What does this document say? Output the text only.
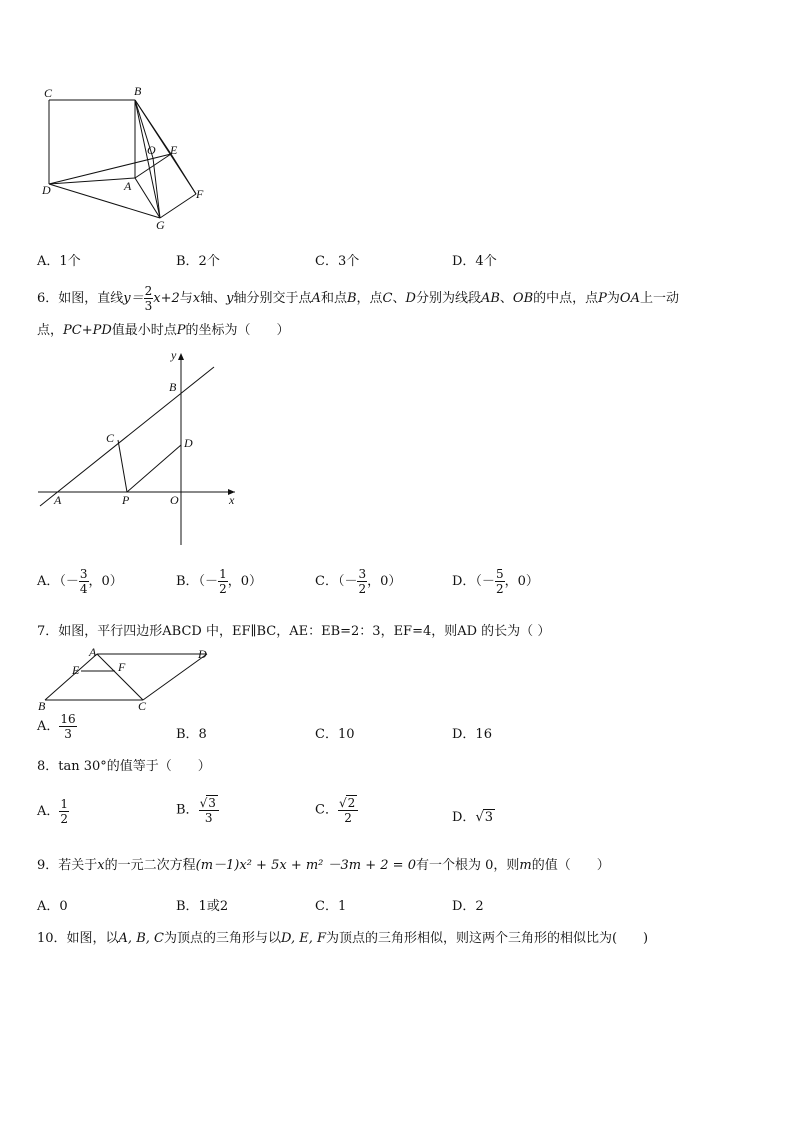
C	B
O E
D	A
F
G
A．1个	B．2个	C．3个	D．4个
6．如图，直线$y= \frac{2}{3} x+2$与x轴、y轴分别交于点A和点B，点C、D分别为线段AB、OB的中点，点P为OA上一动
点，PC+PD值最小时点P的坐标为（　　）
y
B
C	D
A	P	O	x
A．（－ $\frac{3}{4}$ ，0）	B．（－ $\frac{1}{2}$ ，0）	C．（－ $\frac{3}{2}$ ，0）	D．（－ $\frac{5}{2}$ ，0）
7．如图，平行四边形ABCD 中，EF∥BC，AE：EB=2：3，EF=4，则AD 的长为（ ）
A	D
E	F
B	C
A． $\frac{16}{3}$	B．8	C．10	D．16
8．tan 30°的值等于（　　）
A． $\frac{1}{2}$	B． $\frac{√3}{3}$	C． $\frac{√2}{2}$	D．√3
9．若关于x的一元二次方程(m－1)x² + 5x + m² －3m + 2 = 0有一个根为 0，则m的值（　　）
A．0	B．1或2	C．1	D．2
10．如图，以A, B, C为顶点的三角形与以D, E, F为顶点的三角形相似，则这两个三角形的相似比为(　　)
